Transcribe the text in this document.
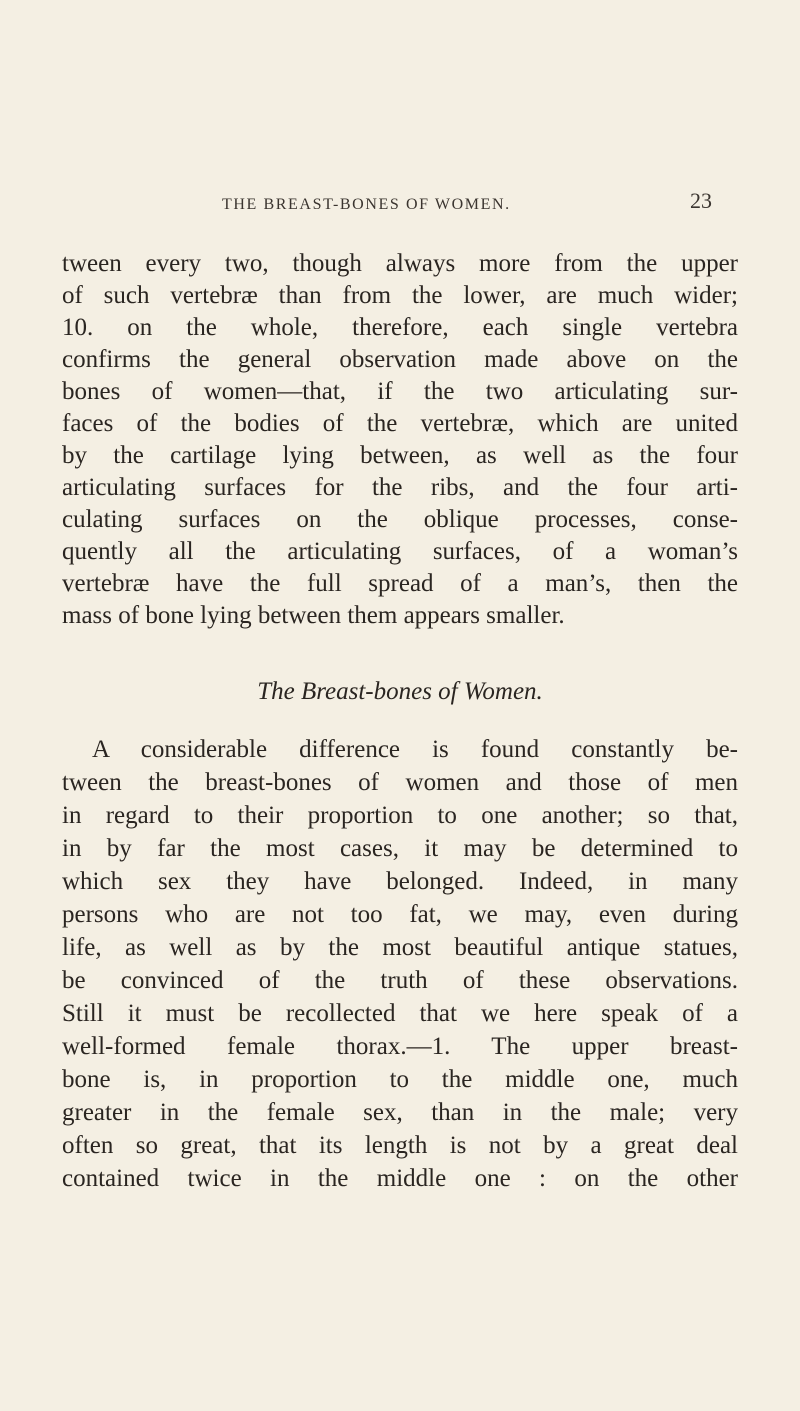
THE BREAST-BONES OF WOMEN.	23
tween every two, though always more from the upper
of such vertebræ than from the lower, are much wider;
10. on the whole, therefore, each single vertebra
confirms the general observation made above on the
bones of women—that, if the two articulating sur-
faces of the bodies of the vertebræ, which are united
by the cartilage lying between, as well as the four
articulating surfaces for the ribs, and the four arti-
culating surfaces on the oblique processes, conse-
quently all the articulating surfaces, of a woman’s
vertebræ have the full spread of a man’s, then the
mass of bone lying between them appears smaller.
The Breast-bones of Women.
A considerable difference is found constantly be-
tween the breast-bones of women and those of men
in regard to their proportion to one another; so that,
in by far the most cases, it may be determined to
which sex they have belonged. Indeed, in many
persons who are not too fat, we may, even during
life, as well as by the most beautiful antique statues,
be convinced of the truth of these observations.
Still it must be recollected that we here speak of a
well-formed female thorax.—1. The upper breast-
bone is, in proportion to the middle one, much
greater in the female sex, than in the male; very
often so great, that its length is not by a great deal
contained twice in the middle one : on the other
